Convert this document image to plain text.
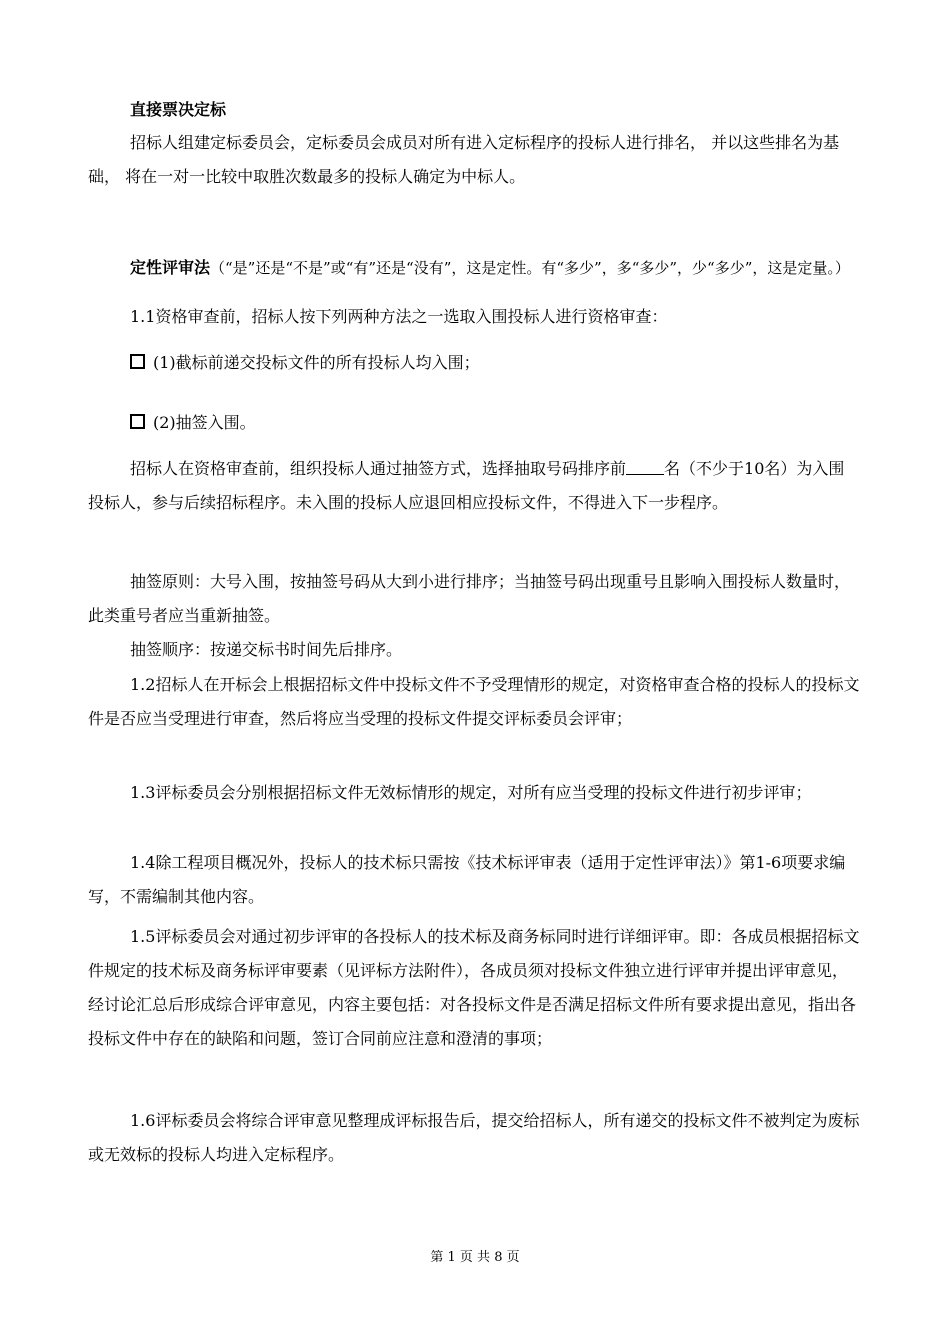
直接票决定标

招标人组建定标委员会，定标委员会成员对所有进入定标程序的投标人进行排名， 并以这些排名为基础， 将在一对一比较中取胜次数最多的投标人确定为中标人。

定性评审法（“是”还是“不是”或“有”还是“没有”，这是定性。有“多少”，多“多少”，少“多少”，这是定量。）

1.1资格审查前，招标人按下列两种方法之一选取入围投标人进行资格审查：

(1)截标前递交投标文件的所有投标人均入围；
(2)抽签入围。

招标人在资格审查前，组织投标人通过抽签方式，选择抽取号码排序前 名（不少于10名）为入围投标人，参与后续招标程序。未入围的投标人应退回相应投标文件，不得进入下一步程序。

抽签原则：大号入围，按抽签号码从大到小进行排序；当抽签号码出现重号且影响入围投标人数量时，此类重号者应当重新抽签。

抽签顺序：按递交标书时间先后排序。

1.2招标人在开标会上根据招标文件中投标文件不予受理情形的规定，对资格审查合格的投标人的投标文件是否应当受理进行审查，然后将应当受理的投标文件提交评标委员会评审；

1.3评标委员会分别根据招标文件无效标情形的规定，对所有应当受理的投标文件进行初步评审；

1.4除工程项目概况外，投标人的技术标只需按《技术标评审表（适用于定性评审法）》第1-6项要求编写，不需编制其他内容。

1.5评标委员会对通过初步评审的各投标人的技术标及商务标同时进行详细评审。即：各成员根据招标文件规定的技术标及商务标评审要素（见评标方法附件），各成员须对投标文件独立进行评审并提出评审意见，经讨论汇总后形成综合评审意见，内容主要包括：对各投标文件是否满足招标文件所有要求提出意见，指出各投标文件中存在的缺陷和问题，签订合同前应注意和澄清的事项；

1.6评标委员会将综合评审意见整理成评标报告后，提交给招标人，所有递交的投标文件不被判定为废标或无效标的投标人均进入定标程序。

第 1 页 共 8 页
